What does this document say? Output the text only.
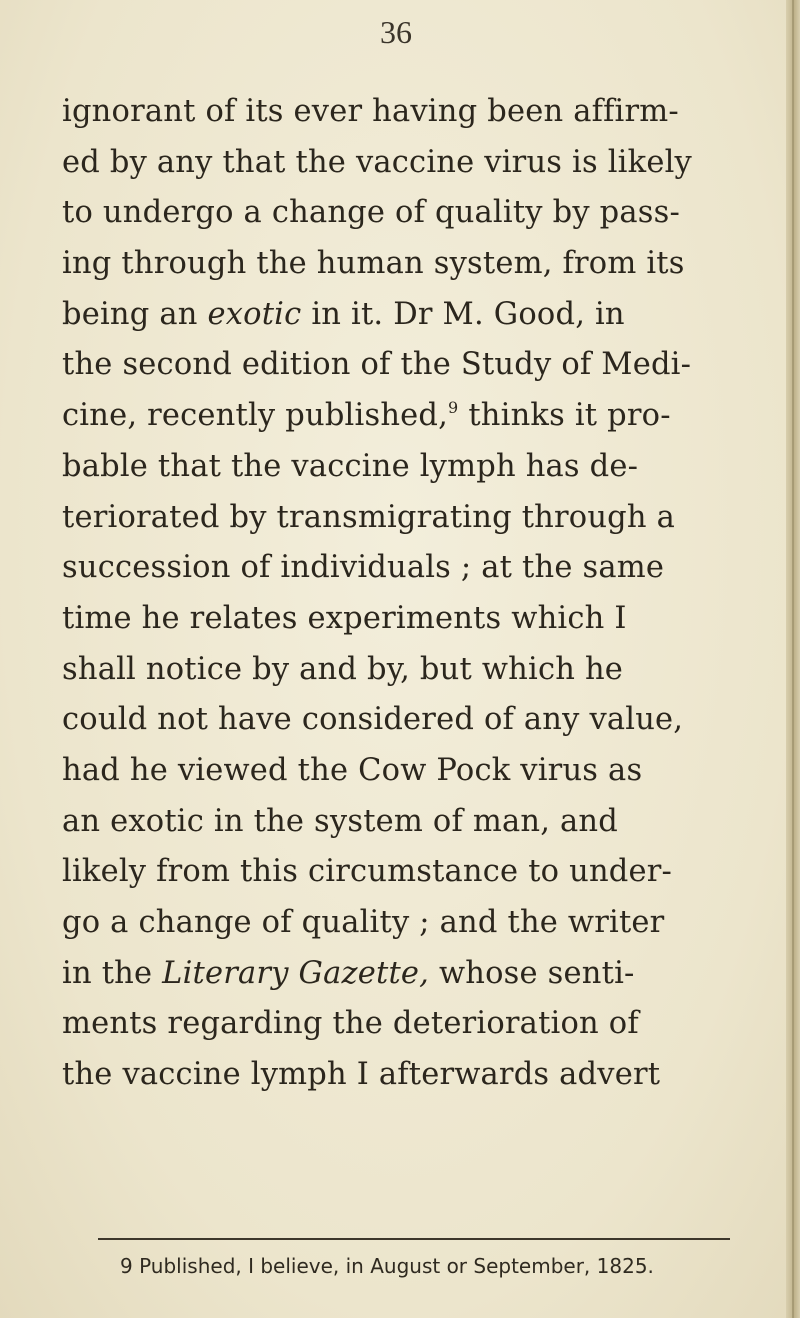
36
ignorant of its ever having been affirm-
ed by any that the vaccine virus is likely
to undergo a change of quality by pass-
ing through the human system, from its
being an exotic in it. Dr M. Good, in
the second edition of the Study of Medi-
cine, recently published,$^9$ thinks it pro-
bable that the vaccine lymph has de-
teriorated by transmigrating through a
succession of individuals ; at the same
time he relates experiments which I
shall notice by and by, but which he
could not have considered of any value,
had he viewed the Cow Pock virus as
an exotic in the system of man, and
likely from this circumstance to under-
go a change of quality ; and the writer
in the Literary Gazette, whose senti-
ments regarding the deterioration of
the vaccine lymph I afterwards advert
9 Published, I believe, in August or September, 1825.
